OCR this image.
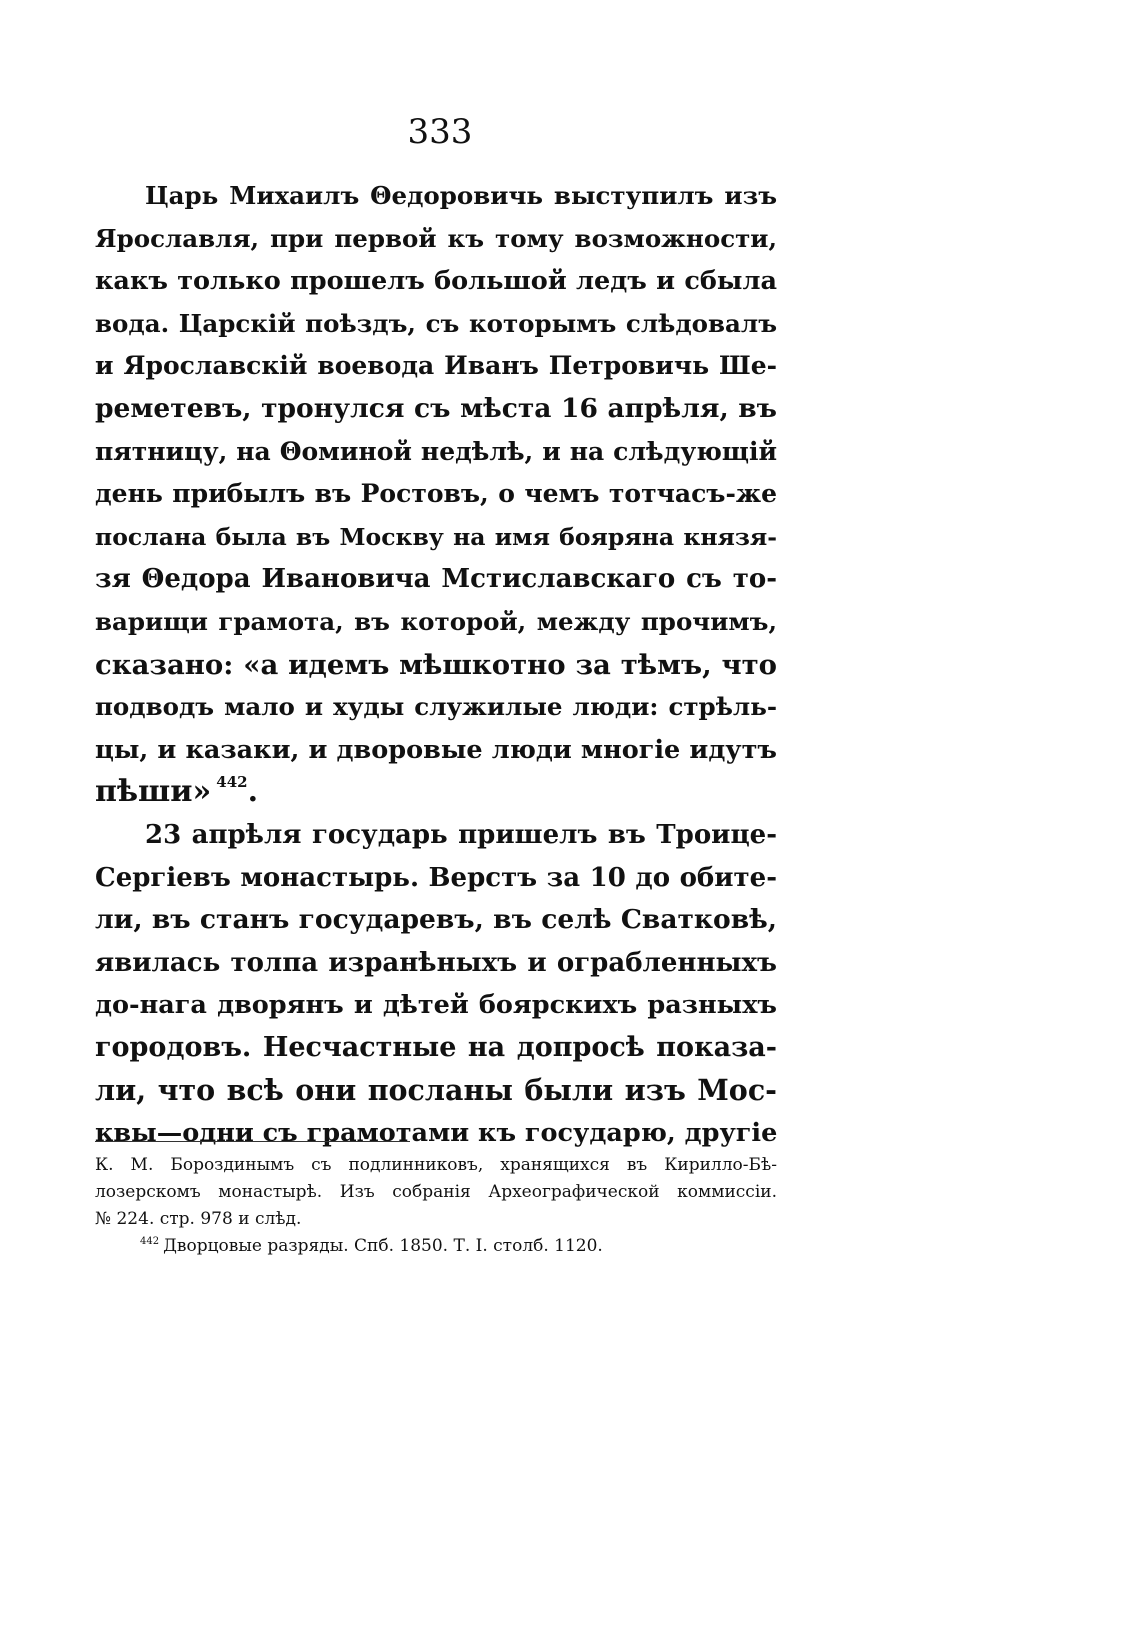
333
Царь Михаилъ Θедоровичь выступилъ изъ
Ярославля, при первой къ тому возможности,
какъ только прошелъ большой ледъ и сбыла
вода. Царскій поѣздъ, съ которымъ слѣдовалъ
и Ярославскій воевода Иванъ Петровичь Ше-
реметевъ, тронулся съ мѣста 16 апрѣля, въ
пятницу, на Θоминой недѣлѣ, и на слѣдующій
день прибылъ въ Ростовъ, о чемъ тотчасъ-же
послана была въ Москву на имя бояряна князя-
зя Θедора Ивановича Мстиславскаго съ то-
варищи грамота, въ которой, между прочимъ,
сказано: «а идемъ мѣшкотно за тѣмъ, что
подводъ мало и худы служилые люди: стрѣль-
цы, и казаки, и дворовые люди многіе идутъ
пѣши» $^{442}$.
23 апрѣля государь пришелъ въ Троице-
Сергіевъ монастырь. Верстъ за 10 до обите-
ли, въ станъ государевъ, въ селѣ Сватковѣ,
явилась толпа изранѣныхъ и ограбленныхъ
до-нага дворянъ и дѣтей боярскихъ разныхъ
городовъ. Несчастные на допросѣ показа-
ли, что всѣ они посланы были изъ Мос-
квы—одни съ грамотами къ государю, другіе
К. М. Бороздинымъ съ подлинниковъ, хранящихся въ Кирилло-Бѣ-
лозерскомъ монастырѣ. Изъ собранія Археографической коммиссіи.
№ 224. стр. 978 и слѣд.
$^{442}$ Дворцовые разряды. Спб. 1850. Т. I. столб. 1120.
